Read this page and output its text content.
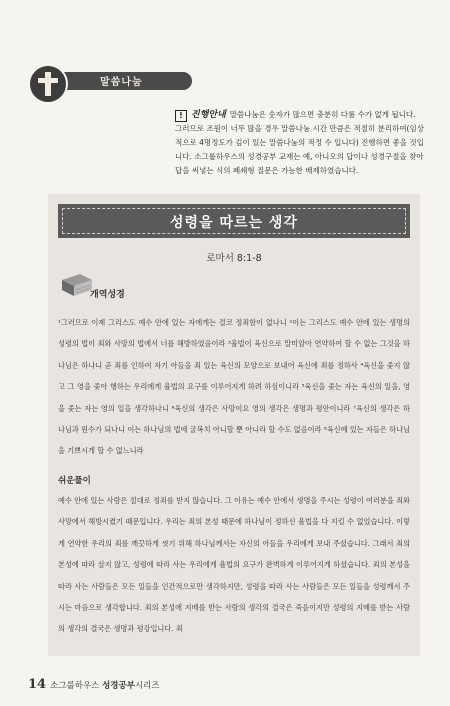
말씀나눔
! 진행안내 말씀나눔은 숫자가 많으면 충분히 다룰 수가 없게 됩니다. 그러므로 조원이 너무 많을 경우 말씀나눔 시간 만큼은 적절히 분리하여(임상적으로 4명정도가 깊이 있는 말씀나눔의 적정 수 입니다) 진행하면 좋을 것입니다. 소그룹하우스의 성경공부 교재는 예, 아니오의 답이나 성경구절을 찾아 답을 써넣는 식의 폐쇄형 질문은 가능한 배제하였습니다.
성령을 따르는 생각
로마서 8:1-8
개역성경

¹그러므로 이제 그리스도 예수 안에 있는 자에게는 결코 정죄함이 없나니 ²이는 그리스도 예수 안에 있는 생명의 성령의 법이 죄와 사망의 법에서 너를 해방하였음이라 ³율법이 육신으로 말미암아 연약하여 할 수 없는 그것을 하나님은 하나니 곧 죄를 인하여 자기 아들을 죄 있는 육신의 모양으로 보내어 육신에 죄를 정하사 ⁴육신을 좇지 않고 그 영을 좇아 행하는 우리에게 율법의 요구를 이루어지게 하려 하심이니라 ⁵육신을 좇는 자는 육신의 일을, 영을 좇는 자는 영의 일을 생각하나니 ⁶육신의 생각은 사망이요 영의 생각은 생명과 평안이니라 ⁷육신의 생각은 하나님과 원수가 되나니 이는 하나님의 법에 굴복치 아니할 뿐 아니라 할 수도 없음이라 ⁸육신에 있는 자들은 하나님을 기쁘시게 할 수 없느니라

쉬운풀이

예수 안에 있는 사람은 절대로 정죄를 받지 않습니다. 그 이유는 예수 안에서 생명을 주시는 성령이 여러분을 죄와 사망에서 해방시켰기 때문입니다. 우리는 죄의 본성 때문에 하나님이 정하신 율법을 다 지킬 수 없었습니다. 이렇게 연약한 우리의 죄를 깨끗하게 씻기 위해 하나님께서는 자신의 아들을 우리에게 보내 주셨습니다. 그래서 죄의 본성에 따라 살지 않고, 성령에 따라 사는 우리에게 율법의 요구가 완벽하게 이루어지게 하셨습니다. 죄의 본성을 따라 사는 사람들은 모든 일들을 인간적으로만 생각하지만, 성령을 따라 사는 사람들은 모든 일들을 성령께서 주시는 마음으로 생각합니다. 죄의 본성에 지배를 받는 사람의 생각의 결국은 죽음이지만 성령의 지배를 받는 사람의 생각의 결국은 생명과 평강입니다. 죄

14 소그룹하우스 성경공부시리즈
